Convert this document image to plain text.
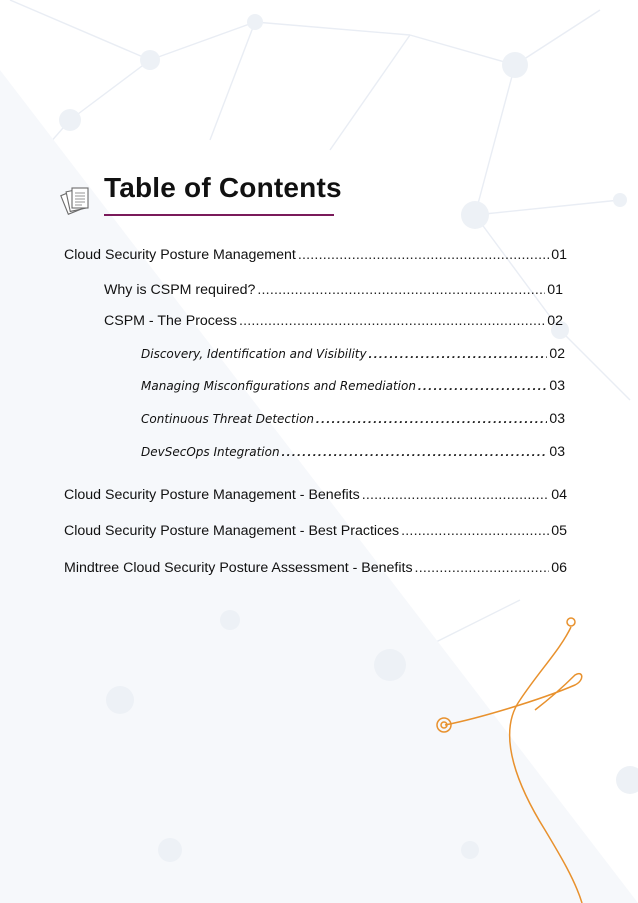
Table of Contents
Cloud Security Posture Management .....	01
Why is CSPM required? .....	01
CSPM - The Process .....	02
Discovery, Identification and Visibility .....	02
Managing Misconfigurations and Remediation .....	03
Continuous Threat Detection .....	03
DevSecOps Integration .....	03
Cloud Security Posture Management - Benefits .....	04
Cloud Security Posture Management - Best Practices .....	05
Mindtree Cloud Security Posture Assessment - Benefits .....	06
